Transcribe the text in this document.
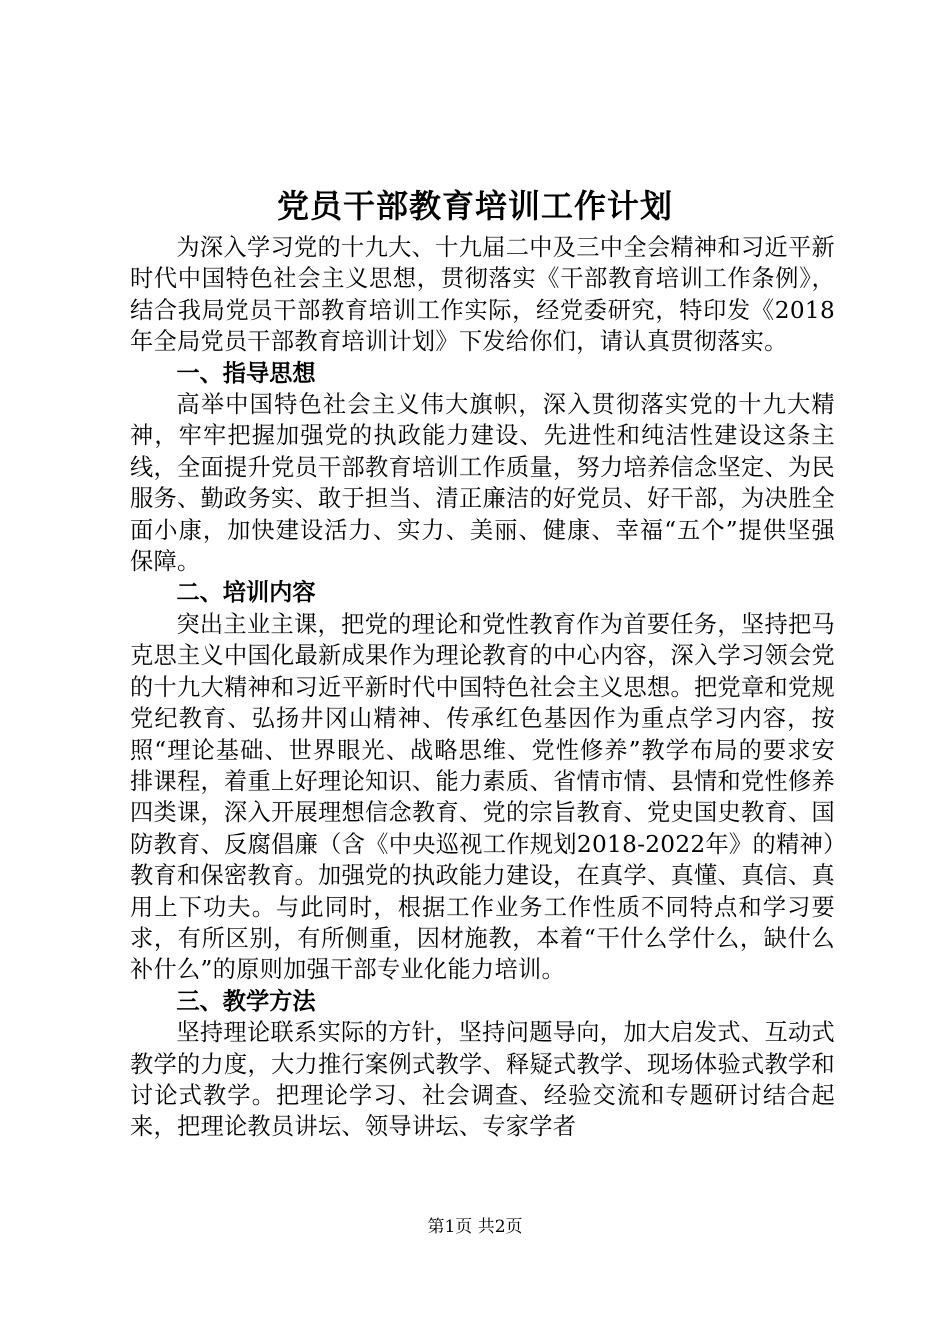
党员干部教育培训工作计划

为深入学习党的十九大、十九届二中及三中全会精神和习近平新时代中国特色社会主义思想，贯彻落实《干部教育培训工作条例》，结合我局党员干部教育培训工作实际，经党委研究，特印发《2018年全局党员干部教育培训计划》下发给你们，请认真贯彻落实。

一、指导思想

高举中国特色社会主义伟大旗帜，深入贯彻落实党的十九大精神，牢牢把握加强党的执政能力建设、先进性和纯洁性建设这条主线，全面提升党员干部教育培训工作质量，努力培养信念坚定、为民服务、勤政务实、敢于担当、清正廉洁的好党员、好干部，为决胜全面小康，加快建设活力、实力、美丽、健康、幸福“五个”提供坚强保障。

二、培训内容

突出主业主课，把党的理论和党性教育作为首要任务，坚持把马克思主义中国化最新成果作为理论教育的中心内容，深入学习领会党的十九大精神和习近平新时代中国特色社会主义思想。把党章和党规党纪教育、弘扬井冈山精神、传承红色基因作为重点学习内容，按照“理论基础、世界眼光、战略思维、党性修养”教学布局的要求安排课程，着重上好理论知识、能力素质、省情市情、县情和党性修养四类课，深入开展理想信念教育、党的宗旨教育、党史国史教育、国防教育、反腐倡廉（含《中央巡视工作规划2018-2022年》的精神）教育和保密教育。加强党的执政能力建设，在真学、真懂、真信、真用上下功夫。与此同时，根据工作业务工作性质不同特点和学习要求，有所区别，有所侧重，因材施教，本着“干什么学什么，缺什么补什么”的原则加强干部专业化能力培训。

三、教学方法

坚持理论联系实际的方针，坚持问题导向，加大启发式、互动式教学的力度，大力推行案例式教学、释疑式教学、现场体验式教学和讨论式教学。把理论学习、社会调查、经验交流和专题研讨结合起来，把理论教员讲坛、领导讲坛、专家学者

第1页 共2页
